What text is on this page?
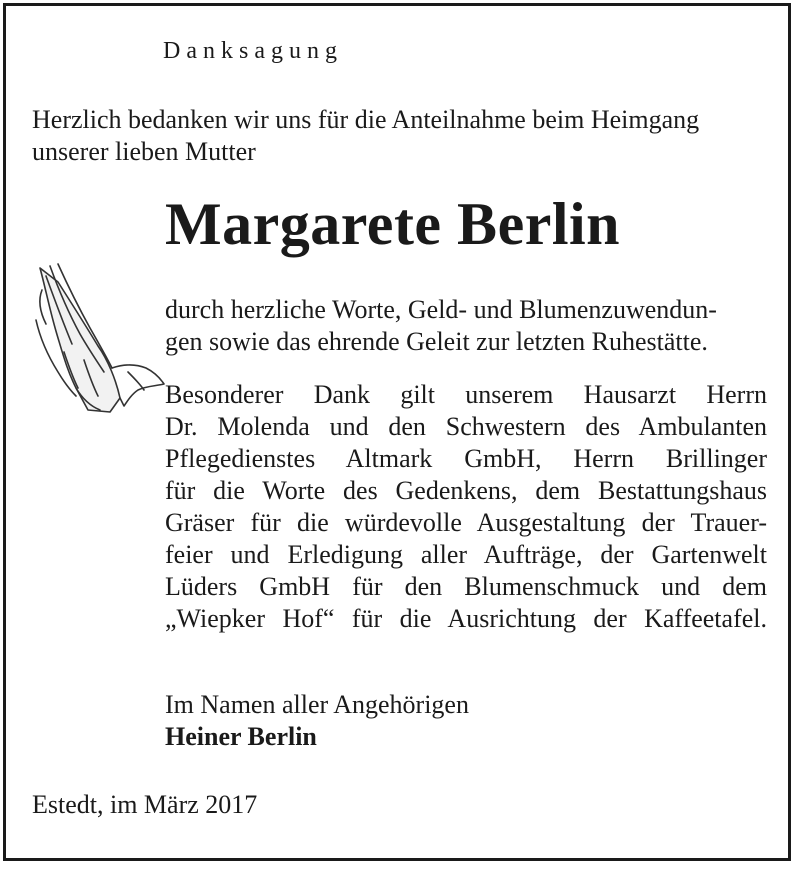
Danksagung

Herzlich bedanken wir uns für die Anteilnahme beim Heimgang

unserer lieben Mutter

Margarete Berlin

durch herzliche Worte, Geld- und Blumenzuwendun-

gen sowie das ehrende Geleit zur letzten Ruhestätte.

Besonderer Dank gilt unserem Hausarzt Herrn
Dr. Molenda und den Schwestern des Ambulanten
Pflegedienstes Altmark GmbH, Herrn Brillinger
für die Worte des Gedenkens, dem Bestattungshaus
Gräser für die würdevolle Ausgestaltung der Trauer-
feier und Erledigung aller Aufträge, der Gartenwelt
Lüders GmbH für den Blumenschmuck und dem
„Wiepker Hof“ für die Ausrichtung der Kaffeetafel.

Im Namen aller Angehörigen

Heiner Berlin

Estedt, im März 2017
